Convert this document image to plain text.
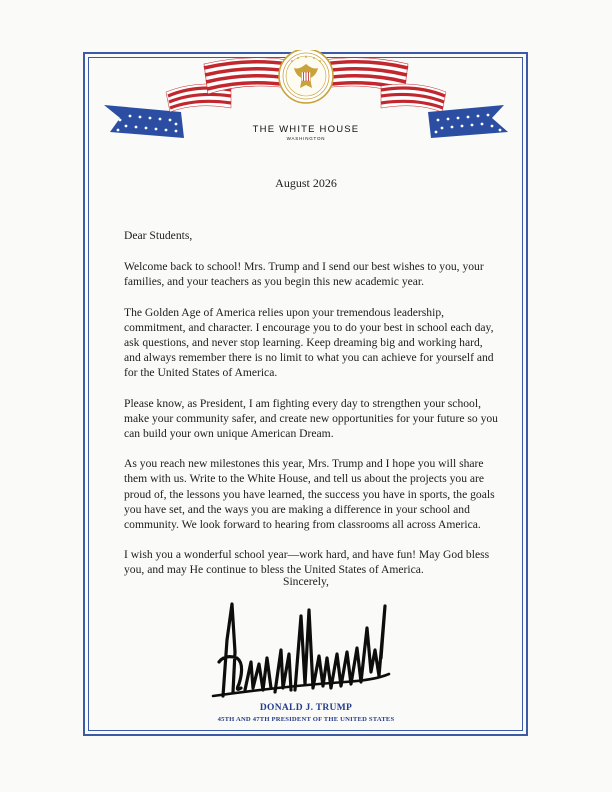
THE WHITE HOUSE
WASHINGTON
August 2026

Dear Students,

Welcome back to school! Mrs. Trump and I send our best wishes to you, your families, and your teachers as you begin this new academic year.

The Golden Age of America relies upon your tremendous leadership, commitment, and character. I encourage you to do your best in school each day, ask questions, and never stop learning. Keep dreaming big and working hard, and always remember there is no limit to what you can achieve for yourself and for the United States of America.

Please know, as President, I am fighting every day to strengthen your school, make your community safer, and create new opportunities for your future so you can build your own unique American Dream.

As you reach new milestones this year, Mrs. Trump and I hope you will share them with us. Write to the White House, and tell us about the projects you are proud of, the lessons you have learned, the success you have in sports, the goals you have set, and the ways you are making a difference in your school and community. We look forward to hearing from classrooms all across America.

I wish you a wonderful school year—work hard, and have fun! May God bless you, and may He continue to bless the United States of America.

Sincerely,
DONALD J. TRUMP
45TH AND 47TH PRESIDENT OF THE UNITED STATES
